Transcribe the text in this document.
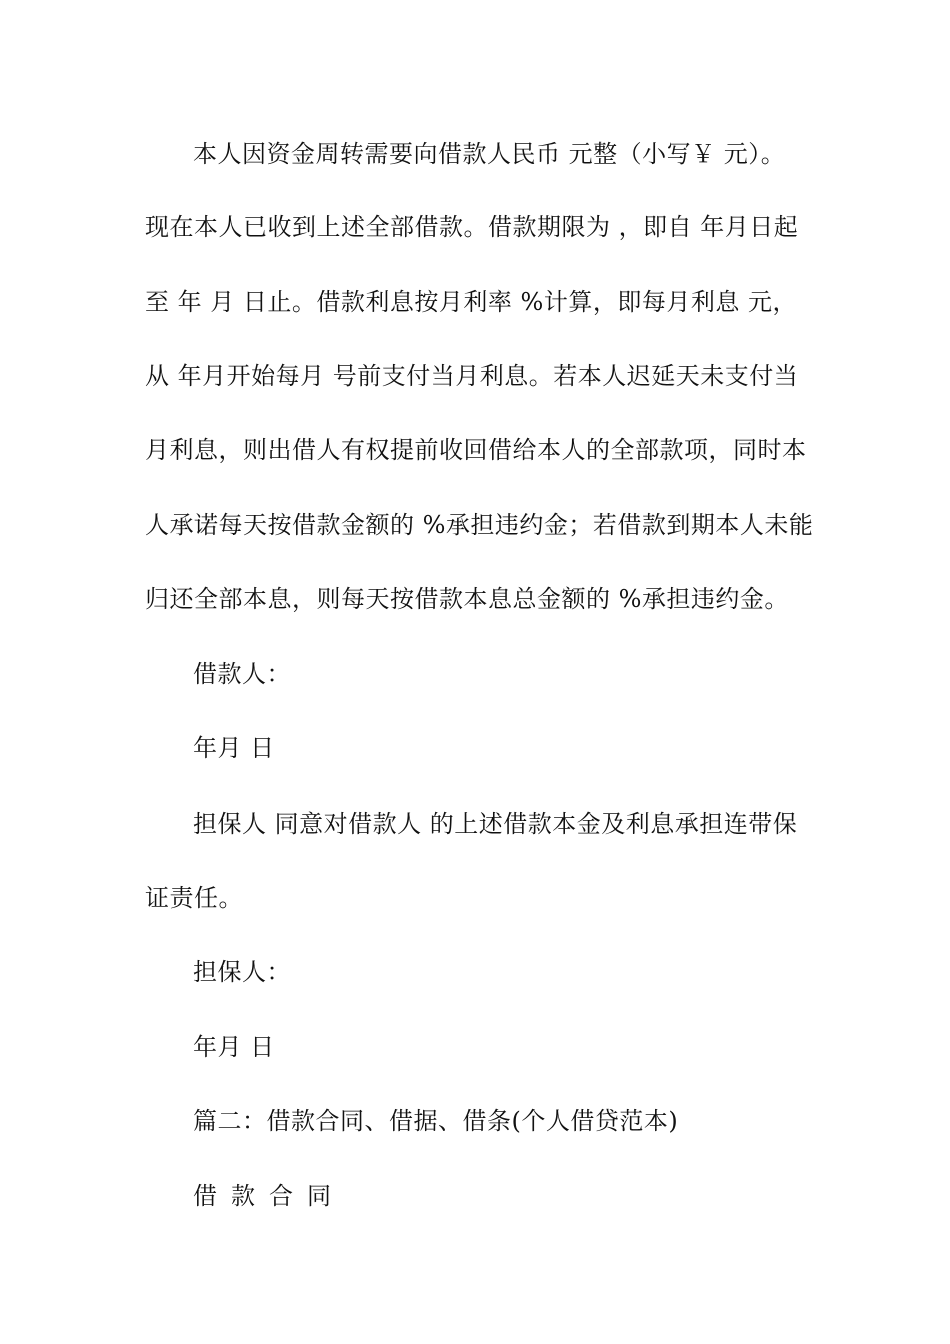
本人因资金周转需要向借款人民币 元整（小写￥ 元）。
现在本人已收到上述全部借款。借款期限为 ，即自 年月日起
至 年 月 日止。借款利息按月利率 %计算，即每月利息 元，
从 年月开始每月 号前支付当月利息。若本人迟延天未支付当
月利息，则出借人有权提前收回借给本人的全部款项，同时本
人承诺每天按借款金额的 %承担违约金；若借款到期本人未能
归还全部本息，则每天按借款本息总金额的 %承担违约金。
借款人：
年月 日
担保人 同意对借款人 的上述借款本金及利息承担连带保
证责任。
担保人：
年月 日
篇二：借款合同、借据、借条(个人借贷范本)
借款合同
